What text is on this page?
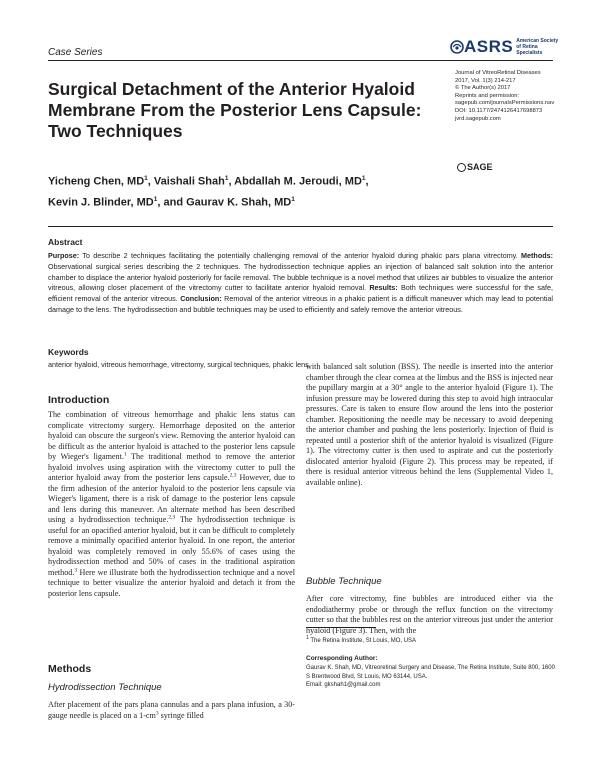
Case Series	ASRS American Society of Retina Specialists
Surgical Detachment of the Anterior Hyaloid Membrane From the Posterior Lens Capsule: Two Techniques
Journal of VitreoRetinal Diseases
2017, Vol. 1(3) 214-217
© The Author(s) 2017
Reprints and permission:
sagepub.com/journalsPermissions.nav
DOI: 10.1177/2474126417698873
jvrd.sagepub.com
SAGE
Yicheng Chen, $MD^1$, Vaishali Shah$^1$, Abdallah M. Jeroudi, $MD^1$,
Kevin J. Blinder, $MD^1$, and Gaurav K. Shah, $MD^1$
Abstract
Purpose: To describe 2 techniques facilitating the potentially challenging removal of the anterior hyaloid during phakic pars plana vitrectomy. Methods: Observational surgical series describing the 2 techniques. The hydrodissection technique applies an injection of balanced salt solution into the anterior chamber to displace the anterior hyaloid posteriorly for facile removal. The bubble technique is a novel method that utilizes air bubbles to visualize the anterior vitreous, allowing closer placement of the vitrectomy cutter to facilitate anterior hyaloid removal. Results: Both techniques were successful for the safe, efficient removal of the anterior vitreous. Conclusion: Removal of the anterior vitreous in a phakic patient is a difficult maneuver which may lead to potential damage to the lens. The hydrodissection and bubble techniques may be used to efficiently and safely remove the anterior vitreous.
Keywords
anterior hyaloid, vitreous hemorrhage, vitrectomy, surgical techniques, phakic lens
Introduction

The combination of vitreous hemorrhage and phakic lens status can complicate vitrectomy surgery. Hemorrhage deposited on the anterior hyaloid can obscure the surgeon's view. Removing the anterior hyaloid can be difficult as the anterior hyaloid is attached to the posterior lens capsule by Wieger's ligament.$^1$ The traditional method to remove the anterior hyaloid involves using aspiration with the vitrectomy cutter to pull the anterior hyaloid away from the posterior lens capsule.$^{2,3}$ However, due to the firm adhesion of the anterior hyaloid to the posterior lens capsule via Wieger's ligament, there is a risk of damage to the posterior lens capsule and lens during this maneuver. An alternate method has been described using a hydrodissection technique.$^{2,3}$ The hydrodissection technique is useful for an opacified anterior hyaloid, but it can be difficult to completely remove a minimally opacified anterior hyaloid. In one report, the anterior hyaloid was completely removed in only 55.6% of cases using the hydrodissection method and 50% of cases in the traditional aspiration method.$^3$ Here we illustrate both the hydrodissection technique and a novel technique to better visualize the anterior hyaloid and detach it from the posterior lens capsule.

Methods
Hydrodissection Technique

After placement of the pars plana cannulas and a pars plana infusion, a 30-gauge needle is placed on a $1-cm^3$ syringe filled

with balanced salt solution (BSS). The needle is inserted into the anterior chamber through the clear cornea at the limbus and the BSS is injected near the pupillary margin at a 30° angle to the anterior hyaloid (Figure 1). The infusion pressure may be lowered during this step to avoid high intraocular pressures. Care is taken to ensure flow around the lens into the posterior chamber. Repositioning the needle may be necessary to avoid deepening the anterior chamber and pushing the lens posteriorly. Injection of fluid is repeated until a posterior shift of the anterior hyaloid is visualized (Figure 1). The vitrectomy cutter is then used to aspirate and cut the posteriorly dislocated anterior hyaloid (Figure 2). This process may be repeated, if there is residual anterior vitreous behind the lens (Supplemental Video 1, available online).

Bubble Technique

After core vitrectomy, fine bubbles are introduced either via the endodiathermy probe or through the reflux function on the vitrectomy cutter so that the bubbles rest on the anterior vitreous just under the anterior hyaloid (Figure 3). Then, with the

$^1$ The Retina Institute, St Louis, MO, USA
Corresponding Author:
Gaurav K. Shah, MD, Vitreoretinal Surgery and Disease, The Retina Institute, Suite 800, 1600 S Brentwood Blvd, St Louis, MO 63144, USA.
Email: gkshah1@gmail.com
